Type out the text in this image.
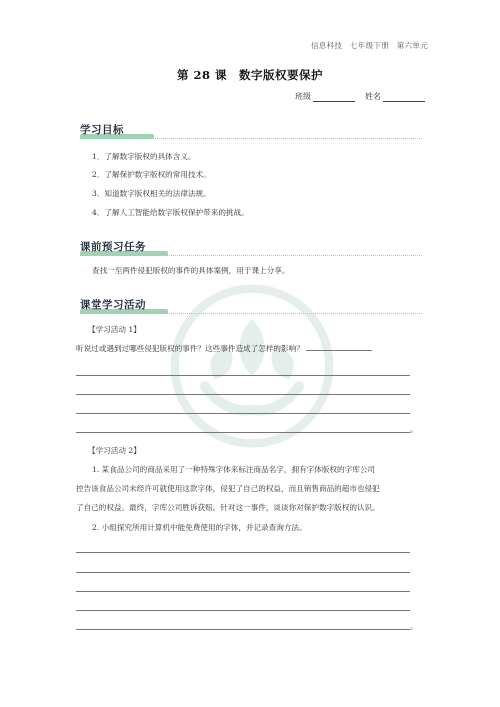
信息科技　七年级下册　第六单元
第 28 课　数字版权要保护
班级	姓名
学习目标
1．了解数字版权的具体含义。
2．了解保护数字版权的常用技术。
3．知道数字版权相关的法律法规。
4．了解人工智能给数字版权保护带来的挑战。
课前预习任务
查找一至两件侵犯版权的事件的具体案例，用于课上分享。
课堂学习活动
【学习活动 1】
听说过或遇到过哪些侵犯版权的事件？这些事件造成了怎样的影响？
。
【学习活动 2】
1. 某食品公司的商品采用了一种特殊字体来标注商品名字，拥有字体版权的字库公司
控告该食品公司未经许可就使用这款字体，侵犯了自己的权益，而且销售商品的超市也侵犯
了自己的权益。最终，字库公司胜诉获赔。针对这一事件，谈谈你对保护数字版权的认识。
2. 小组探究所用计算机中能免费使用的字体，并记录查询方法。
。
